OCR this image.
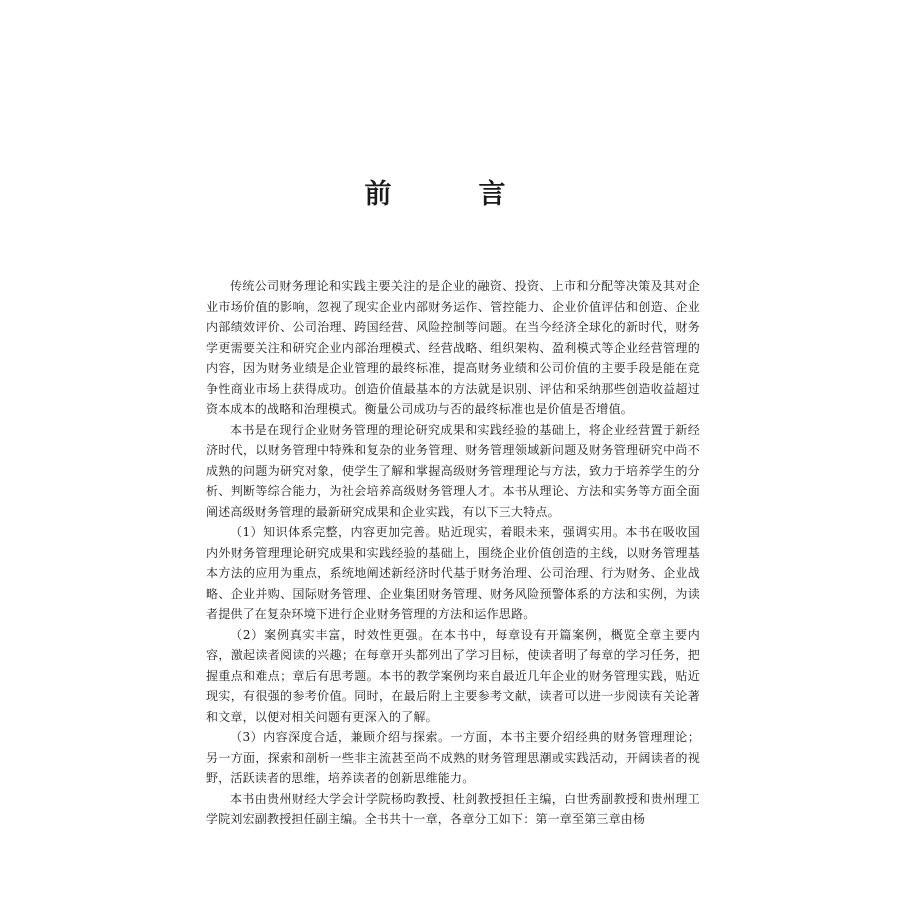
前　言

传统公司财务理论和实践主要关注的是企业的融资、投资、上市和分配等决策及其对企业市场价值的影响，忽视了现实企业内部财务运作、管控能力、企业价值评估和创造、企业内部绩效评价、公司治理、跨国经营、风险控制等问题。在当今经济全球化的新时代，财务学更需要关注和研究企业内部治理模式、经营战略、组织架构、盈利模式等企业经营管理的内容，因为财务业绩是企业管理的最终标准，提高财务业绩和公司价值的主要手段是能在竞争性商业市场上获得成功。创造价值最基本的方法就是识别、评估和采纳那些创造收益超过资本成本的战略和治理模式。衡量公司成功与否的最终标准也是价值是否增值。

本书是在现行企业财务管理的理论研究成果和实践经验的基础上，将企业经营置于新经济时代，以财务管理中特殊和复杂的业务管理、财务管理领域新问题及财务管理研究中尚不成熟的问题为研究对象，使学生了解和掌握高级财务管理理论与方法，致力于培养学生的分析、判断等综合能力，为社会培养高级财务管理人才。本书从理论、方法和实务等方面全面阐述高级财务管理的最新研究成果和企业实践，有以下三大特点。

（1）知识体系完整，内容更加完善。贴近现实，着眼未来，强调实用。本书在吸收国内外财务管理理论研究成果和实践经验的基础上，围绕企业价值创造的主线，以财务管理基本方法的应用为重点，系统地阐述新经济时代基于财务治理、公司治理、行为财务、企业战略、企业并购、国际财务管理、企业集团财务管理、财务风险预警体系的方法和实例，为读者提供了在复杂环境下进行企业财务管理的方法和运作思路。

（2）案例真实丰富，时效性更强。在本书中，每章设有开篇案例，概览全章主要内容，激起读者阅读的兴趣；在每章开头都列出了学习目标，使读者明了每章的学习任务，把握重点和难点；章后有思考题。本书的教学案例均来自最近几年企业的财务管理实践，贴近现实，有很强的参考价值。同时，在最后附上主要参考文献，读者可以进一步阅读有关论著和文章，以便对相关问题有更深入的了解。

（3）内容深度合适，兼顾介绍与探索。一方面，本书主要介绍经典的财务管理理论；另一方面，探索和剖析一些非主流甚至尚不成熟的财务管理思潮或实践活动，开阔读者的视野，活跃读者的思维，培养读者的创新思维能力。

本书由贵州财经大学会计学院杨昀教授、杜剑教授担任主编，白世秀副教授和贵州理工学院刘宏副教授担任副主编。全书共十一章，各章分工如下：第一章至第三章由杨
